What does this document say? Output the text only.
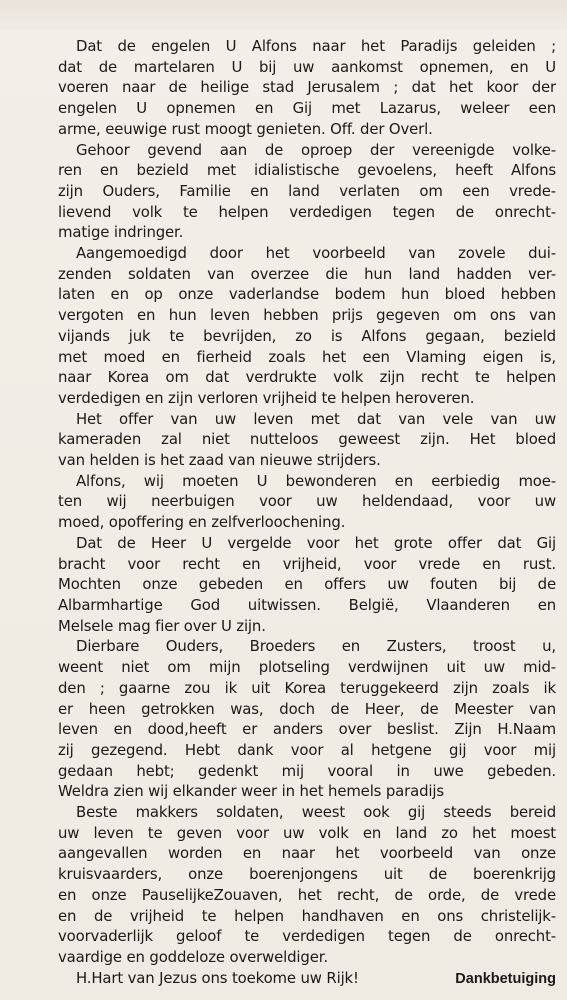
Dat de engelen U Alfons naar het Paradijs geleiden ;
dat de martelaren U bij uw aankomst opnemen, en U
voeren naar de heilige stad Jerusalem ; dat het koor der
engelen U opnemen en Gij met Lazarus, weleer een
arme, eeuwige rust moogt genieten. Off. der Overl.
Gehoor gevend aan de oproep der vereenigde volke-
ren en bezield met idialistische gevoelens, heeft Alfons
zijn Ouders, Familie en land verlaten om een vrede-
lievend volk te helpen verdedigen tegen de onrecht-
matige indringer.
Aangemoedigd door het voorbeeld van zovele dui-
zenden soldaten van overzee die hun land hadden ver-
laten en op onze vaderlandse bodem hun bloed hebben
vergoten en hun leven hebben prijs gegeven om ons van
vijands juk te bevrijden, zo is Alfons gegaan, bezield
met moed en fierheid zoals het een Vlaming eigen is,
naar Korea om dat verdrukte volk zijn recht te helpen
verdedigen en zijn verloren vrijheid te helpen heroveren.
Het offer van uw leven met dat van vele van uw
kameraden zal niet nutteloos geweest zijn. Het bloed
van helden is het zaad van nieuwe strijders.
Alfons, wij moeten U bewonderen en eerbiedig moe-
ten wij neerbuigen voor uw heldendaad, voor uw
moed, opoffering en zelfverloochening.
Dat de Heer U vergelde voor het grote offer dat Gij
bracht voor recht en vrijheid, voor vrede en rust.
Mochten onze gebeden en offers uw fouten bij de
Albarmhartige God uitwissen. België, Vlaanderen en
Melsele mag fier over U zijn.
Dierbare Ouders, Broeders en Zusters, troost u,
weent niet om mijn plotseling verdwijnen uit uw mid-
den ; gaarne zou ik uit Korea teruggekeerd zijn zoals ik
er heen getrokken was, doch de Heer, de Meester van
leven en dood,heeft er anders over beslist. Zijn H.Naam
zij gezegend. Hebt dank voor al hetgene gij voor mij
gedaan hebt; gedenkt mij vooral in uwe gebeden.
Weldra zien wij elkander weer in het hemels paradijs
Beste makkers soldaten, weest ook gij steeds bereid
uw leven te geven voor uw volk en land zo het moest
aangevallen worden en naar het voorbeeld van onze
kruisvaarders, onze boerenjongens uit de boerenkrijg
en onze PauselijkeZouaven, het recht, de orde, de vrede
en de vrijheid te helpen handhaven en ons christelijk-
voorvaderlijk geloof te verdedigen tegen de onrecht-
vaardige en goddeloze overweldiger.
H.Hart van Jezus ons toekome uw Rijk!	Dankbetuiging
